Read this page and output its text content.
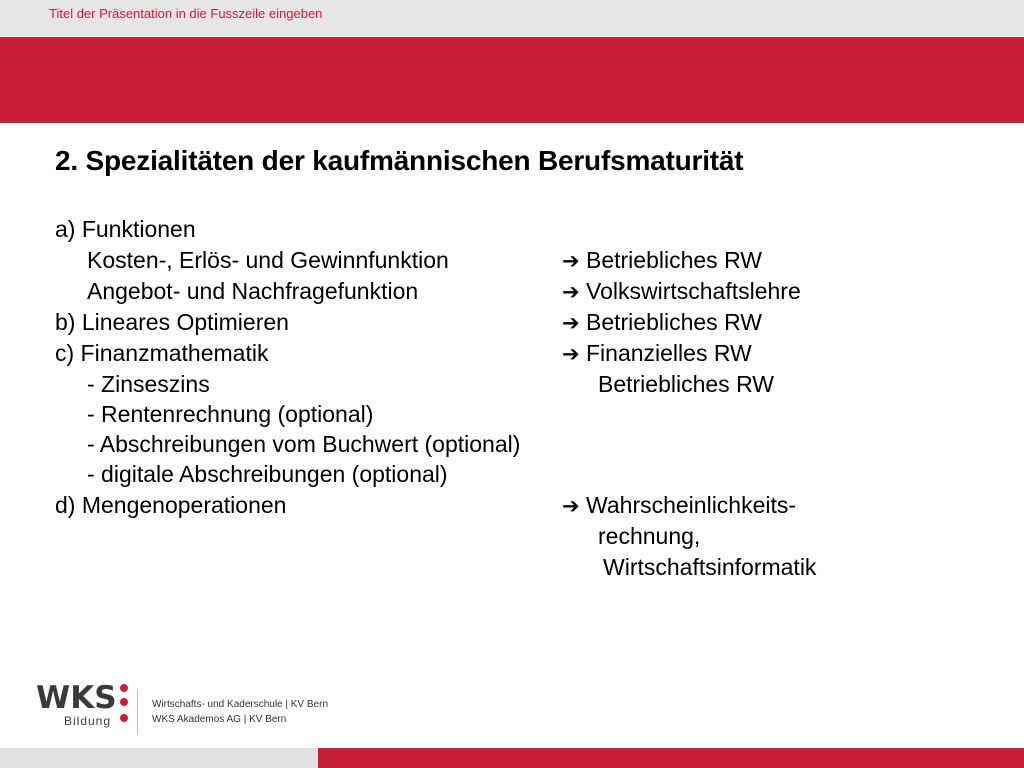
Titel der Präsentation in die Fusszeile eingeben
2. Spezialitäten der kaufmännischen Berufsmaturität
a) Funktionen
Kosten-, Erlös- und Gewinnfunktion
Angebot- und Nachfragefunktion
b) Lineares Optimieren
c) Finanzmathematik
- Zinseszins
- Rentenrechnung (optional)
- Abschreibungen vom Buchwert (optional)
- digitale Abschreibungen (optional)
d) Mengenoperationen
➔ Betriebliches RW
➔ Volkswirtschaftslehre
➔ Betriebliches RW
➔ Finanzielles RW
Betriebliches RW
➔ Wahrscheinlichkeits-
rechnung,
Wirtschaftsinformatik
WKS
Bildung
Wirtschafts- und Kaderschule | KV Bern
WKS Akademos AG | KV Bern
